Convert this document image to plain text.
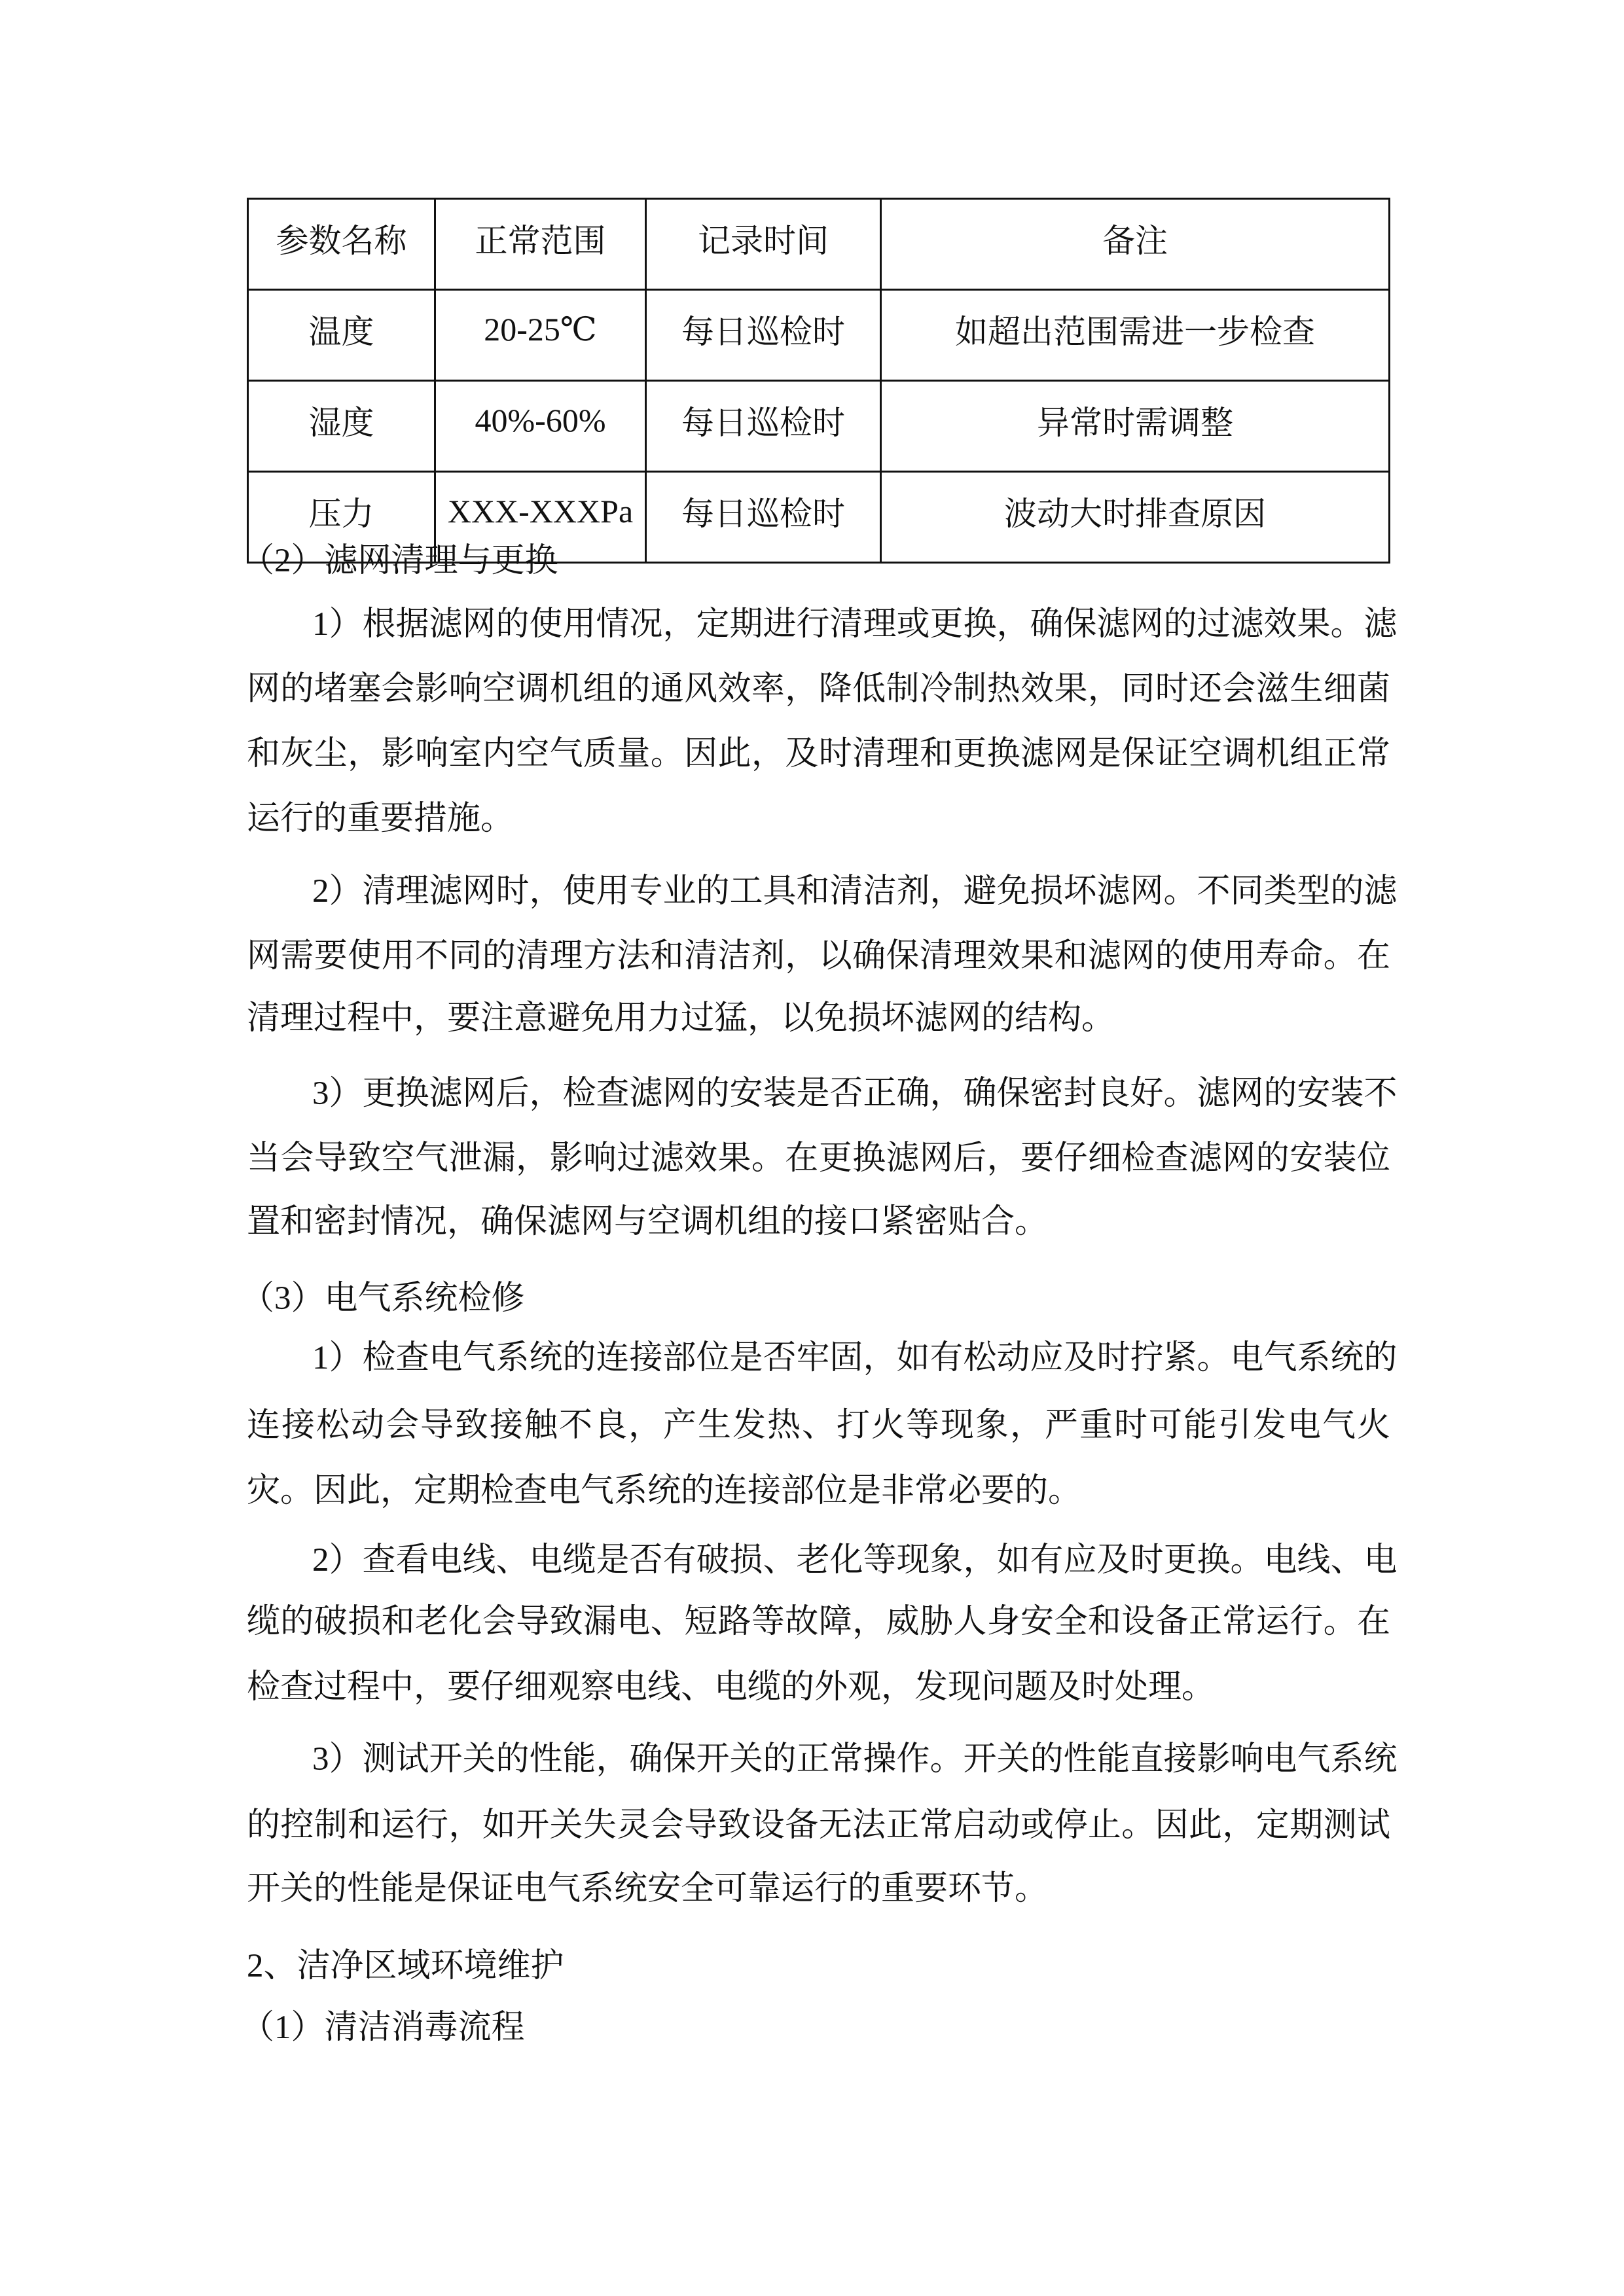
参数名称	正常范围	记录时间	备注
温度	20-25℃	每日巡检时	如超出范围需进一步检查
湿度	40%-60%	每日巡检时	异常时需调整
压力	XXX-XXXPa	每日巡检时	波动大时排查原因
（2）滤网清理与更换
1）根据滤网的使用情况，定期进行清理或更换，确保滤网的过滤效果。滤
网的堵塞会影响空调机组的通风效率，降低制冷制热效果，同时还会滋生细菌
和灰尘，影响室内空气质量。因此，及时清理和更换滤网是保证空调机组正常
运行的重要措施。
2）清理滤网时，使用专业的工具和清洁剂，避免损坏滤网。不同类型的滤
网需要使用不同的清理方法和清洁剂，以确保清理效果和滤网的使用寿命。在
清理过程中，要注意避免用力过猛，以免损坏滤网的结构。
3）更换滤网后，检查滤网的安装是否正确，确保密封良好。滤网的安装不
当会导致空气泄漏，影响过滤效果。在更换滤网后，要仔细检查滤网的安装位
置和密封情况，确保滤网与空调机组的接口紧密贴合。
（3）电气系统检修
1）检查电气系统的连接部位是否牢固，如有松动应及时拧紧。电气系统的
连接松动会导致接触不良，产生发热、打火等现象，严重时可能引发电气火
灾。因此，定期检查电气系统的连接部位是非常必要的。
2）查看电线、电缆是否有破损、老化等现象，如有应及时更换。电线、电
缆的破损和老化会导致漏电、短路等故障，威胁人身安全和设备正常运行。在
检查过程中，要仔细观察电线、电缆的外观，发现问题及时处理。
3）测试开关的性能，确保开关的正常操作。开关的性能直接影响电气系统
的控制和运行，如开关失灵会导致设备无法正常启动或停止。因此，定期测试
开关的性能是保证电气系统安全可靠运行的重要环节。
2、洁净区域环境维护
（1）清洁消毒流程
